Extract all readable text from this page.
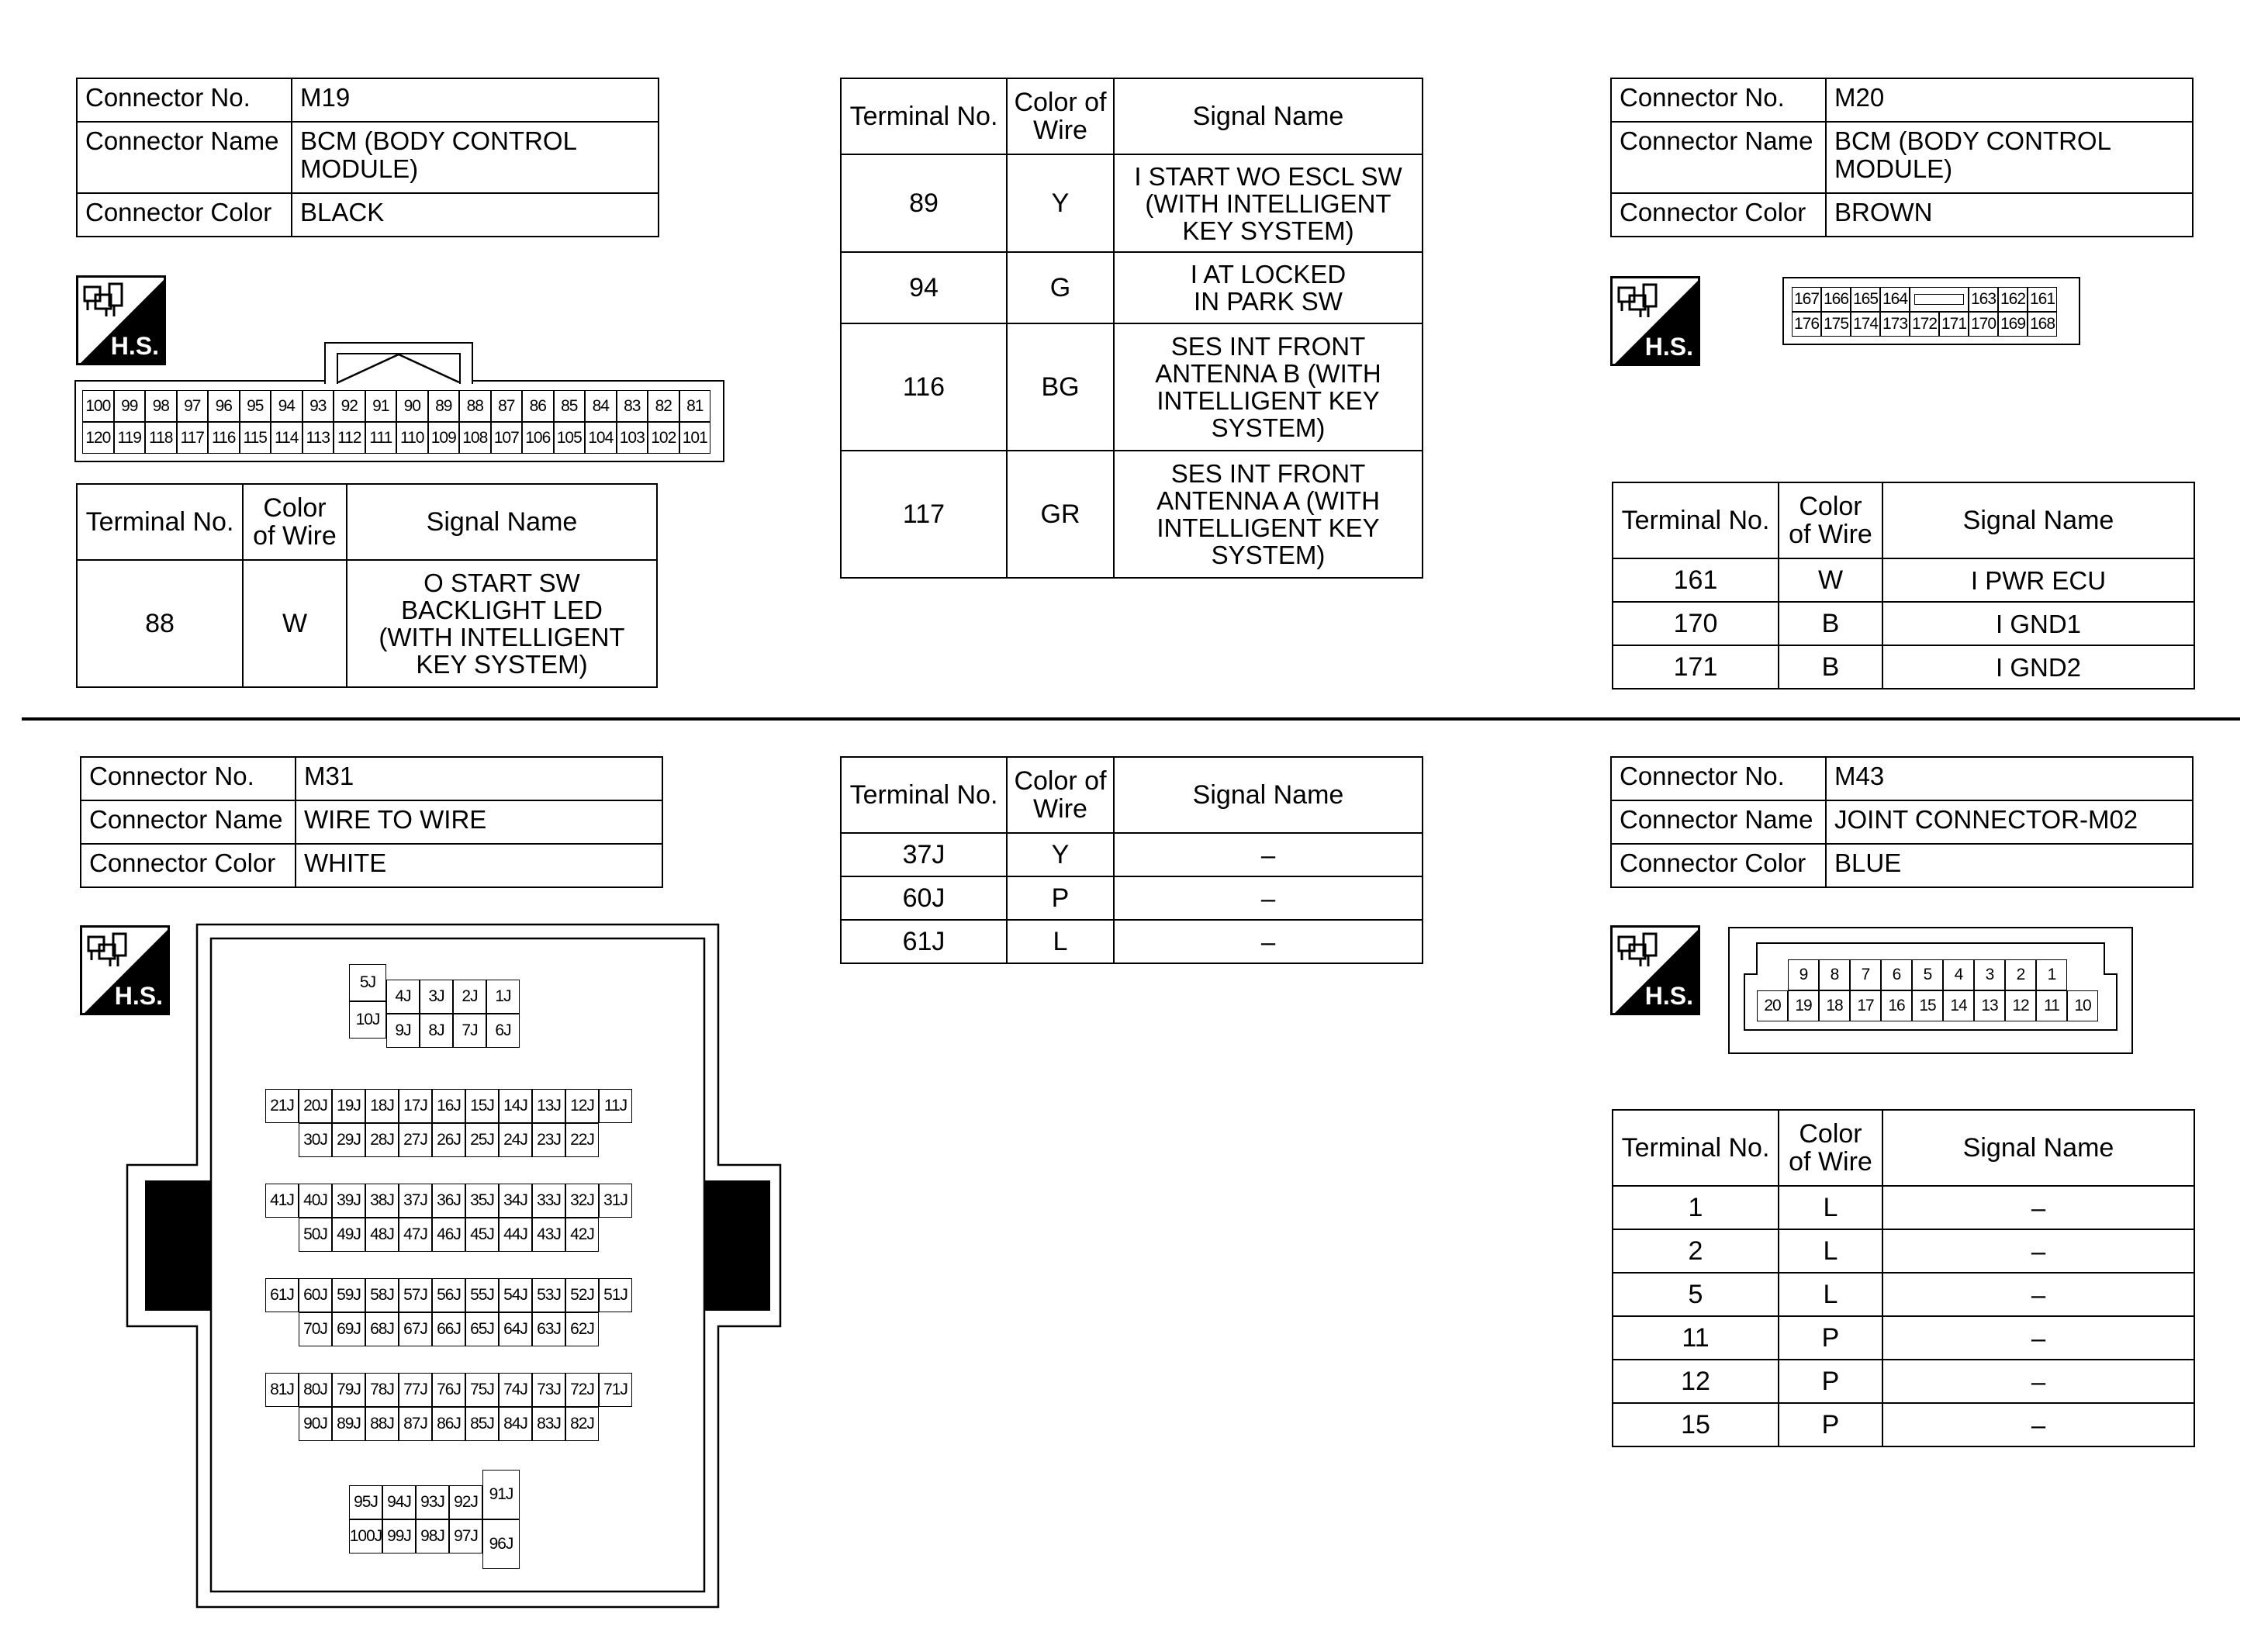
Connector No.	M19
Connector Name	BCM (BODY CONTROL MODULE)
Connector Color	BLACK
H.S.
100 99 98 97 96 95 94 93 92 91 90 89 88 87 86 85 84 83 82 81
120 119 118 117 116 115 114 113 112 111 110 109 108 107 106 105 104 103 102 101
Terminal No.	Color of Wire	Signal Name
88	W	O START SW BACKLIGHT LED (WITH INTELLIGENT KEY SYSTEM)
Terminal No.	Color of Wire	Signal Name
89	Y	I START WO ESCL SW (WITH INTELLIGENT KEY SYSTEM)
94	G	I AT LOCKED IN PARK SW
116	BG	SES INT FRONT ANTENNA B (WITH INTELLIGENT KEY SYSTEM)
117	GR	SES INT FRONT ANTENNA A (WITH INTELLIGENT KEY SYSTEM)
Connector No.	M20
Connector Name	BCM (BODY CONTROL MODULE)
Connector Color	BROWN
H.S.
167 166 165 164	163 162 161
176 175 174 173 172 171 170 169 168
Terminal No.	Color of Wire	Signal Name
161	W	I PWR ECU
170	B	I GND1
171	B	I GND2
Connector No.	M31
Connector Name	WIRE TO WIRE
Connector Color	WHITE
H.S.	5J
10J
4J	3J	2J	1J
9J	8J	7J	6J
21J 20J 19J 18J 17J 16J 15J 14J 13J 12J 11J
30J 29J 28J 27J 26J 25J 24J 23J 22J
41J 40J 39J 38J 37J 36J 35J 34J 33J 32J 31J
50J 49J 48J 47J 46J 45J 44J 43J 42J
61J 60J 59J 58J 57J 56J 55J 54J 53J 52J 51J
70J 69J 68J 67J 66J 65J 64J 63J 62J
81J 80J 79J 78J 77J 76J 75J 74J 73J 72J 71J
90J 89J 88J 87J 86J 85J 84J 83J 82J
95J 94J 93J 92J
100J 99J 98J 97J
91J
96J
Terminal No.	Color of Wire	Signal Name
37J	Y	–
60J	P	–
61J	L	–
Connector No.	M43
Connector Name	JOINT CONNECTOR-M02
Connector Color	BLUE
H.S.
9	8	7	6	5	4	3	2	1
20 19 18 17 16 15 14 13 12 11 10
Terminal No.	Color of Wire	Signal Name
1	L	–
2	L	–
5	L	–
11	P	–
12	P	–
15	P	–
